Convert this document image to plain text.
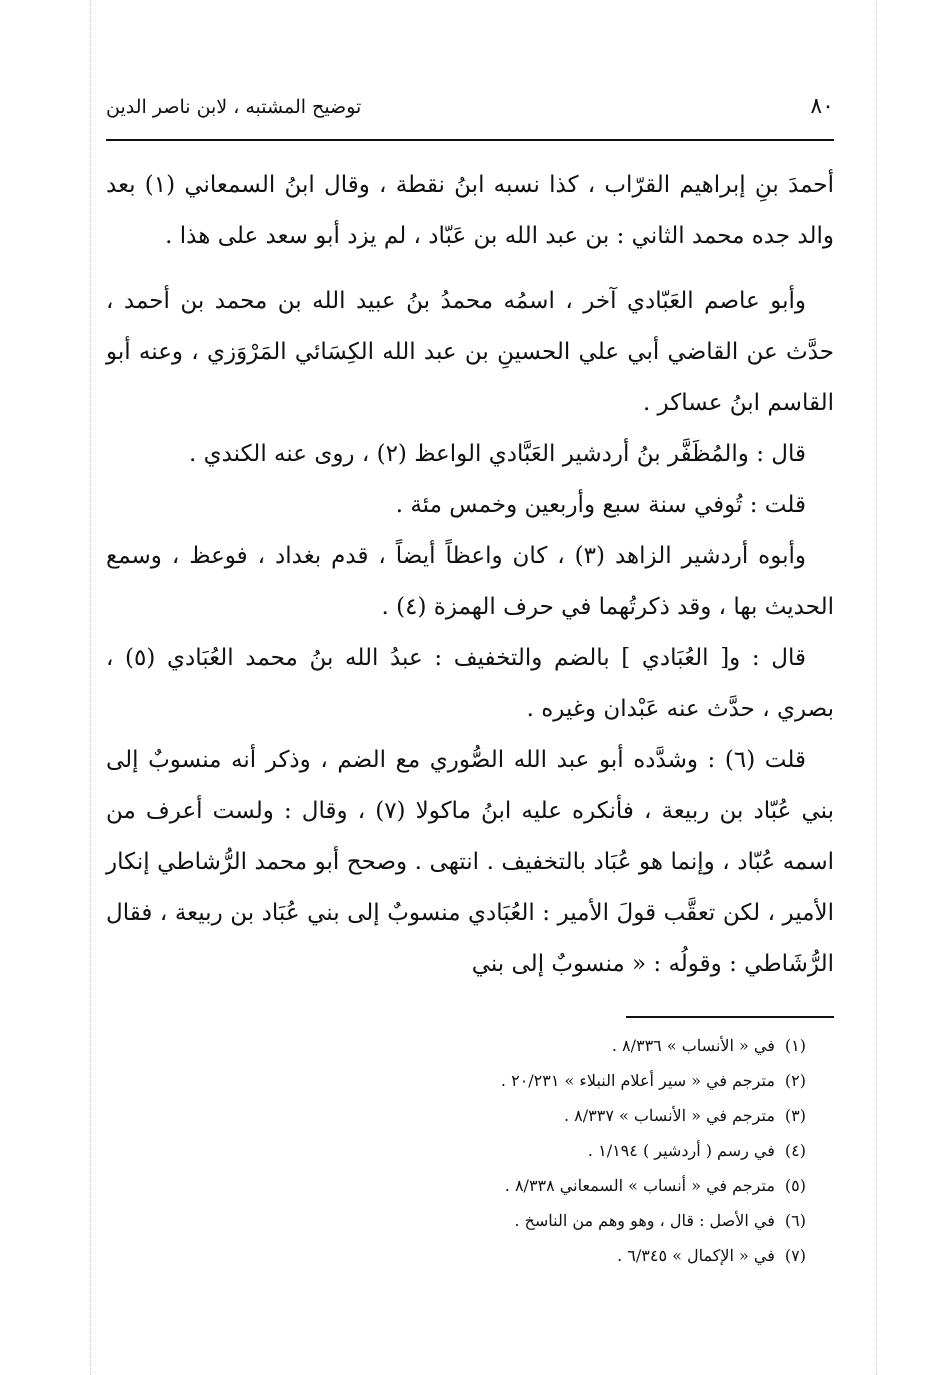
٨٠
توضيح المشتبه ، لابن ناصر الدين

أحمدَ بنِ إبراهيم القرّاب ، كذا نسبه ابنُ نقطة ، وقال ابنُ السمعاني (١) بعد والد جده محمد الثاني : بن عبد الله بن عَبّاد ، لم يزد أبو سعد على هذا .

وأبو عاصم العَبّادي آخر ، اسمُه محمدُ بنُ عبيد الله بن محمد بن أحمد ، حدَّث عن القاضي أبي علي الحسينِ بن عبد الله الكِسَائي المَرْوَزي ، وعنه أبو القاسم ابنُ عساكر .

قال : والمُظَفَّر بنُ أردشير العَبَّادي الواعظ (٢) ، روى عنه الكندي .

قلت : تُوفي سنة سبع وأربعين وخمس مئة .

وأبوه أردشير الزاهد (٣) ، كان واعظاً أيضاً ، قدم بغداد ، فوعظ ، وسمع الحديث بها ، وقد ذكرتُهما في حرف الهمزة (٤) .

قال : و[ العُبَادي ] بالضم والتخفيف : عبدُ الله بنُ محمد العُبَادي (٥) ، بصري ، حدَّث عنه عَبْدان وغيره .

قلت (٦) : وشدَّده أبو عبد الله الصُّوري مع الضم ، وذكر أنه منسوبٌ إلى بني عُبّاد بن ربيعة ، فأنكره عليه ابنُ ماكولا (٧) ، وقال : ولست أعرف من اسمه عُبّاد ، وإنما هو عُبَاد بالتخفيف . انتهى . وصحح أبو محمد الرُّشاطي إنكار الأمير ، لكن تعقَّب قولَ الأمير : العُبَادي منسوبٌ إلى بني عُبَاد بن ربيعة ، فقال الرُّشَاطي : وقولُه : « منسوبٌ إلى بني

(١) في « الأنساب » ٨/٣٣٦ .
(٢) مترجم في « سير أعلام النبلاء » ٢٠/٢٣١ .
(٣) مترجم في « الأنساب » ٨/٣٣٧ .
(٤) في رسم ( أردشير ) ١/١٩٤ .
(٥) مترجم في « أنساب » السمعاني ٨/٣٣٨ .
(٦) في الأصل : قال ، وهو وهم من الناسخ .
(٧) في « الإكمال » ٦/٣٤٥ .
